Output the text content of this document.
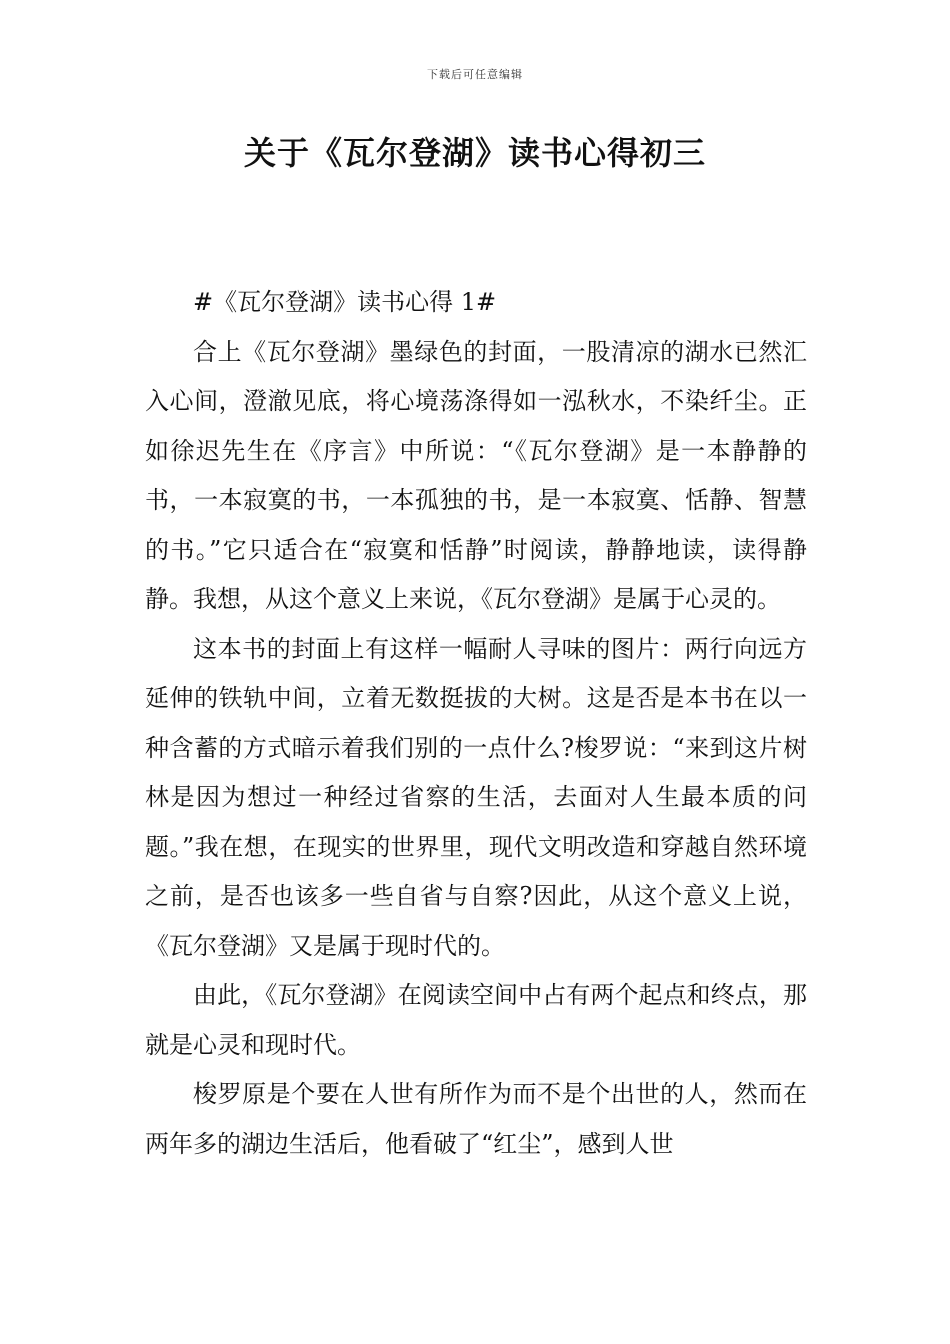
下载后可任意编辑
关于《瓦尔登湖》读书心得初三

#《瓦尔登湖》读书心得 1#

合上《瓦尔登湖》墨绿色的封面，一股清凉的湖水已然汇入心间，澄澈见底，将心境荡涤得如一泓秋水，不染纤尘。正如徐迟先生在《序言》中所说：“《瓦尔登湖》是一本静静的书，一本寂寞的书，一本孤独的书，是一本寂寞、恬静、智慧的书。”它只适合在“寂寞和恬静”时阅读，静静地读，读得静静。我想，从这个意义上来说，《瓦尔登湖》是属于心灵的。

这本书的封面上有这样一幅耐人寻味的图片：两行向远方延伸的铁轨中间，立着无数挺拔的大树。这是否是本书在以一种含蓄的方式暗示着我们别的一点什么?梭罗说：“来到这片树林是因为想过一种经过省察的生活，去面对人生最本质的问题。”我在想，在现实的世界里，现代文明改造和穿越自然环境之前，是否也该多一些自省与自察?因此，从这个意义上说，《瓦尔登湖》又是属于现时代的。

由此，《瓦尔登湖》在阅读空间中占有两个起点和终点，那就是心灵和现时代。

梭罗原是个要在人世有所作为而不是个出世的人，然而在两年多的湖边生活后，他看破了“红尘”，感到人世
